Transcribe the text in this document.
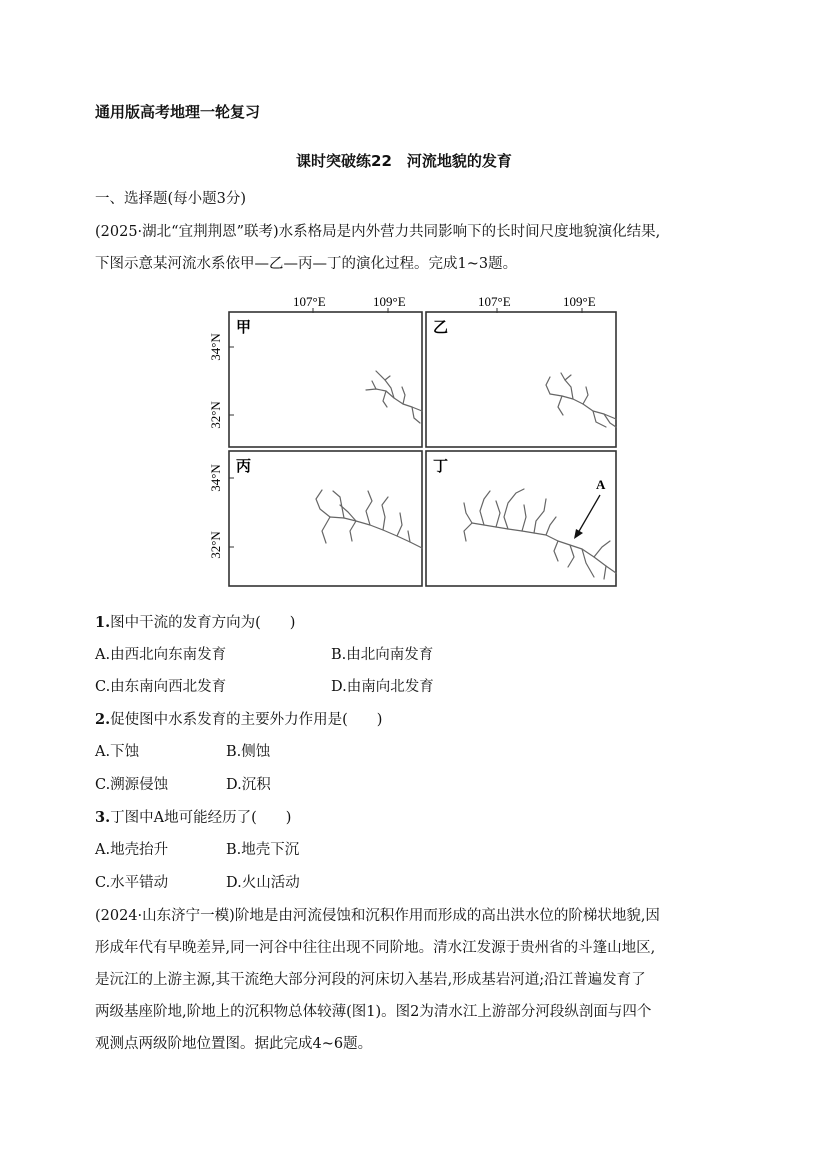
通用版高考地理一轮复习
课时突破练22　河流地貌的发育
一、选择题(每小题3分)
(2025·湖北“宜荆荆恩”联考)水系格局是内外营力共同影响下的长时间尺度地貌演化结果,
下图示意某河流水系依甲—乙—丙—丁的演化过程。完成1~3题。
107°E	109°E	107°E	109°E
34°N
32°N
34°N
32°N
甲	乙
丙	丁
A
1.图中干流的发育方向为(　　)
A.由西北向东南发育	B.由北向南发育
C.由东南向西北发育	D.由南向北发育
2.促使图中水系发育的主要外力作用是(　　)
A.下蚀	B.侧蚀
C.溯源侵蚀	D.沉积
3.丁图中A地可能经历了(　　)
A.地壳抬升	B.地壳下沉
C.水平错动	D.火山活动
(2024·山东济宁一模)阶地是由河流侵蚀和沉积作用而形成的高出洪水位的阶梯状地貌,因
形成年代有早晚差异,同一河谷中往往出现不同阶地。清水江发源于贵州省的斗篷山地区,
是沅江的上游主源,其干流绝大部分河段的河床切入基岩,形成基岩河道;沿江普遍发育了
两级基座阶地,阶地上的沉积物总体较薄(图1)。图2为清水江上游部分河段纵剖面与四个
观测点两级阶地位置图。据此完成4~6题。
